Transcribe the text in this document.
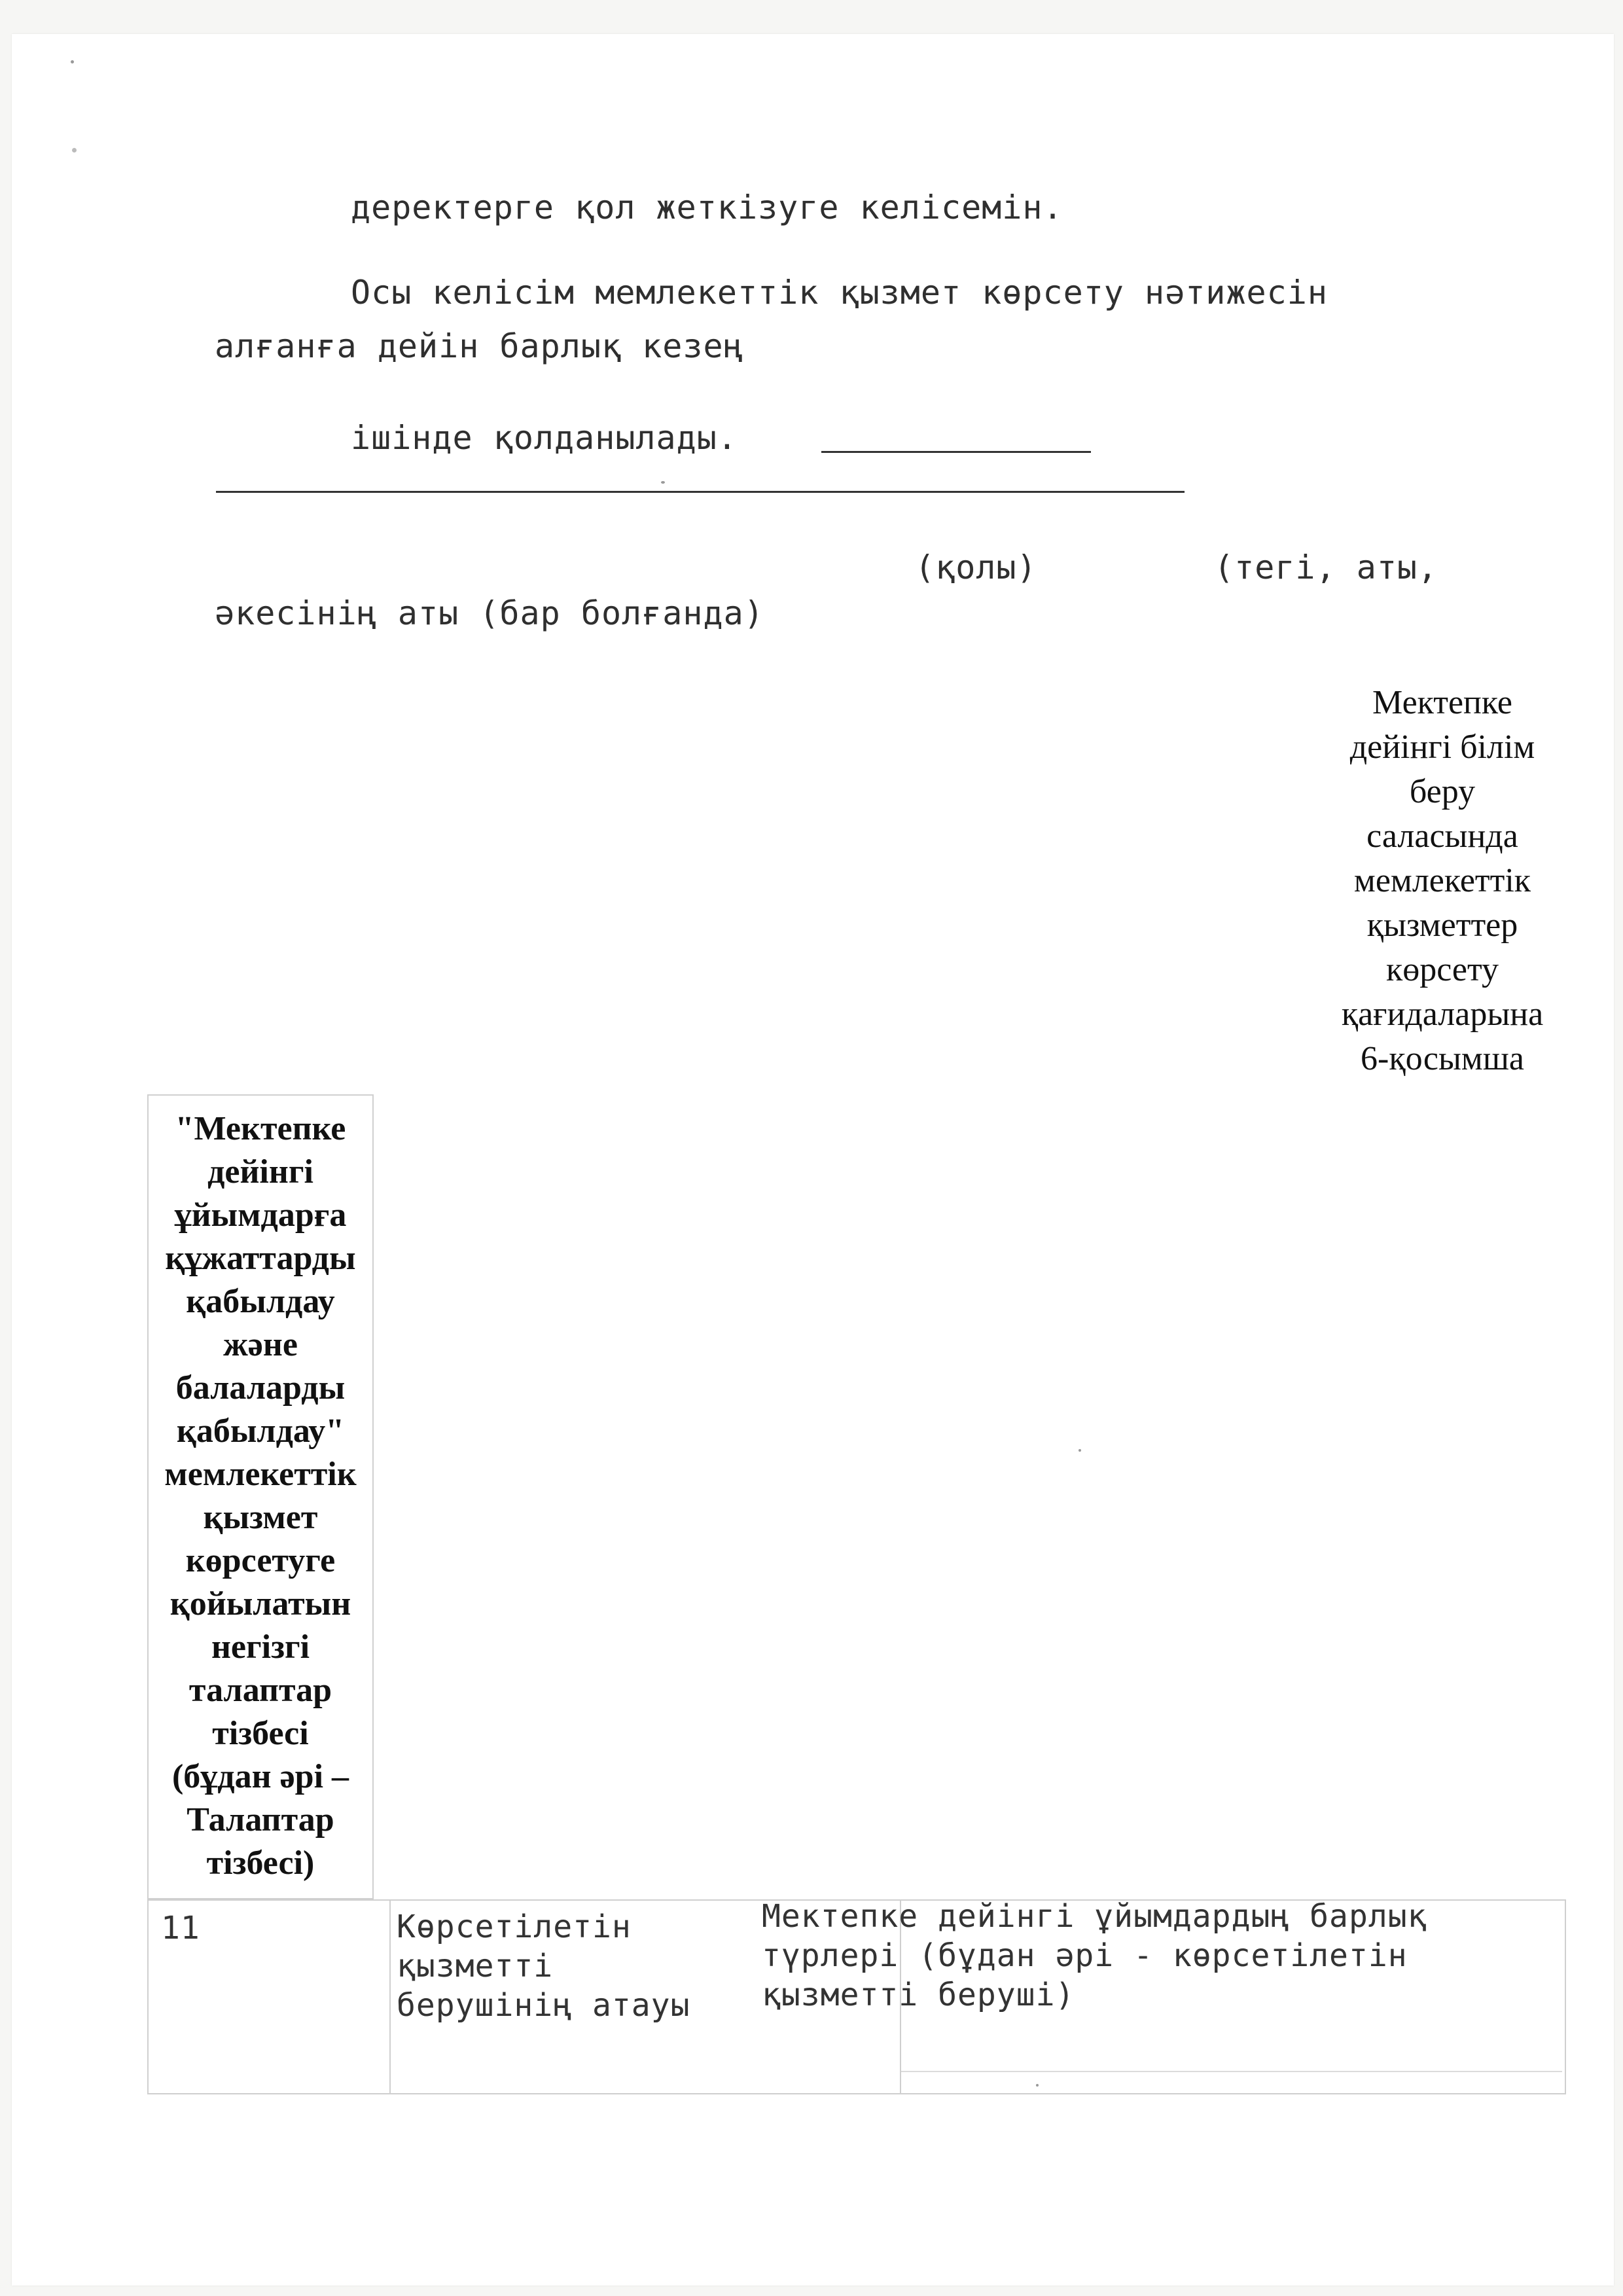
деректерге қол жеткізуге келісемін.
Осы келісім мемлекеттік қызмет көрсету нәтижесін
алғанға дейін барлық кезең
ішінде қолданылады.
(қолы)	(тегі, аты,
әкесінің аты (бар болғанда)
Мектепке
дейінгі білім
беру
саласында
мемлекеттік
қызметтер
көрсету
қағидаларына
6-қосымша
"Мектепке
дейінгі
ұйымдарға
құжаттарды
қабылдау
және
балаларды
қабылдау"
мемлекеттік
қызмет
көрсетуге
қойылатын
негізгі
талаптар
тізбесі
(бұдан әрі –
Талаптар
тізбесі)
11	Көрсетілетін
қызметті
берушінің атауы
Мектепке дейінгі ұйымдардың барлық
түрлері (бұдан әрі - көрсетілетін
қызметті беруші)
